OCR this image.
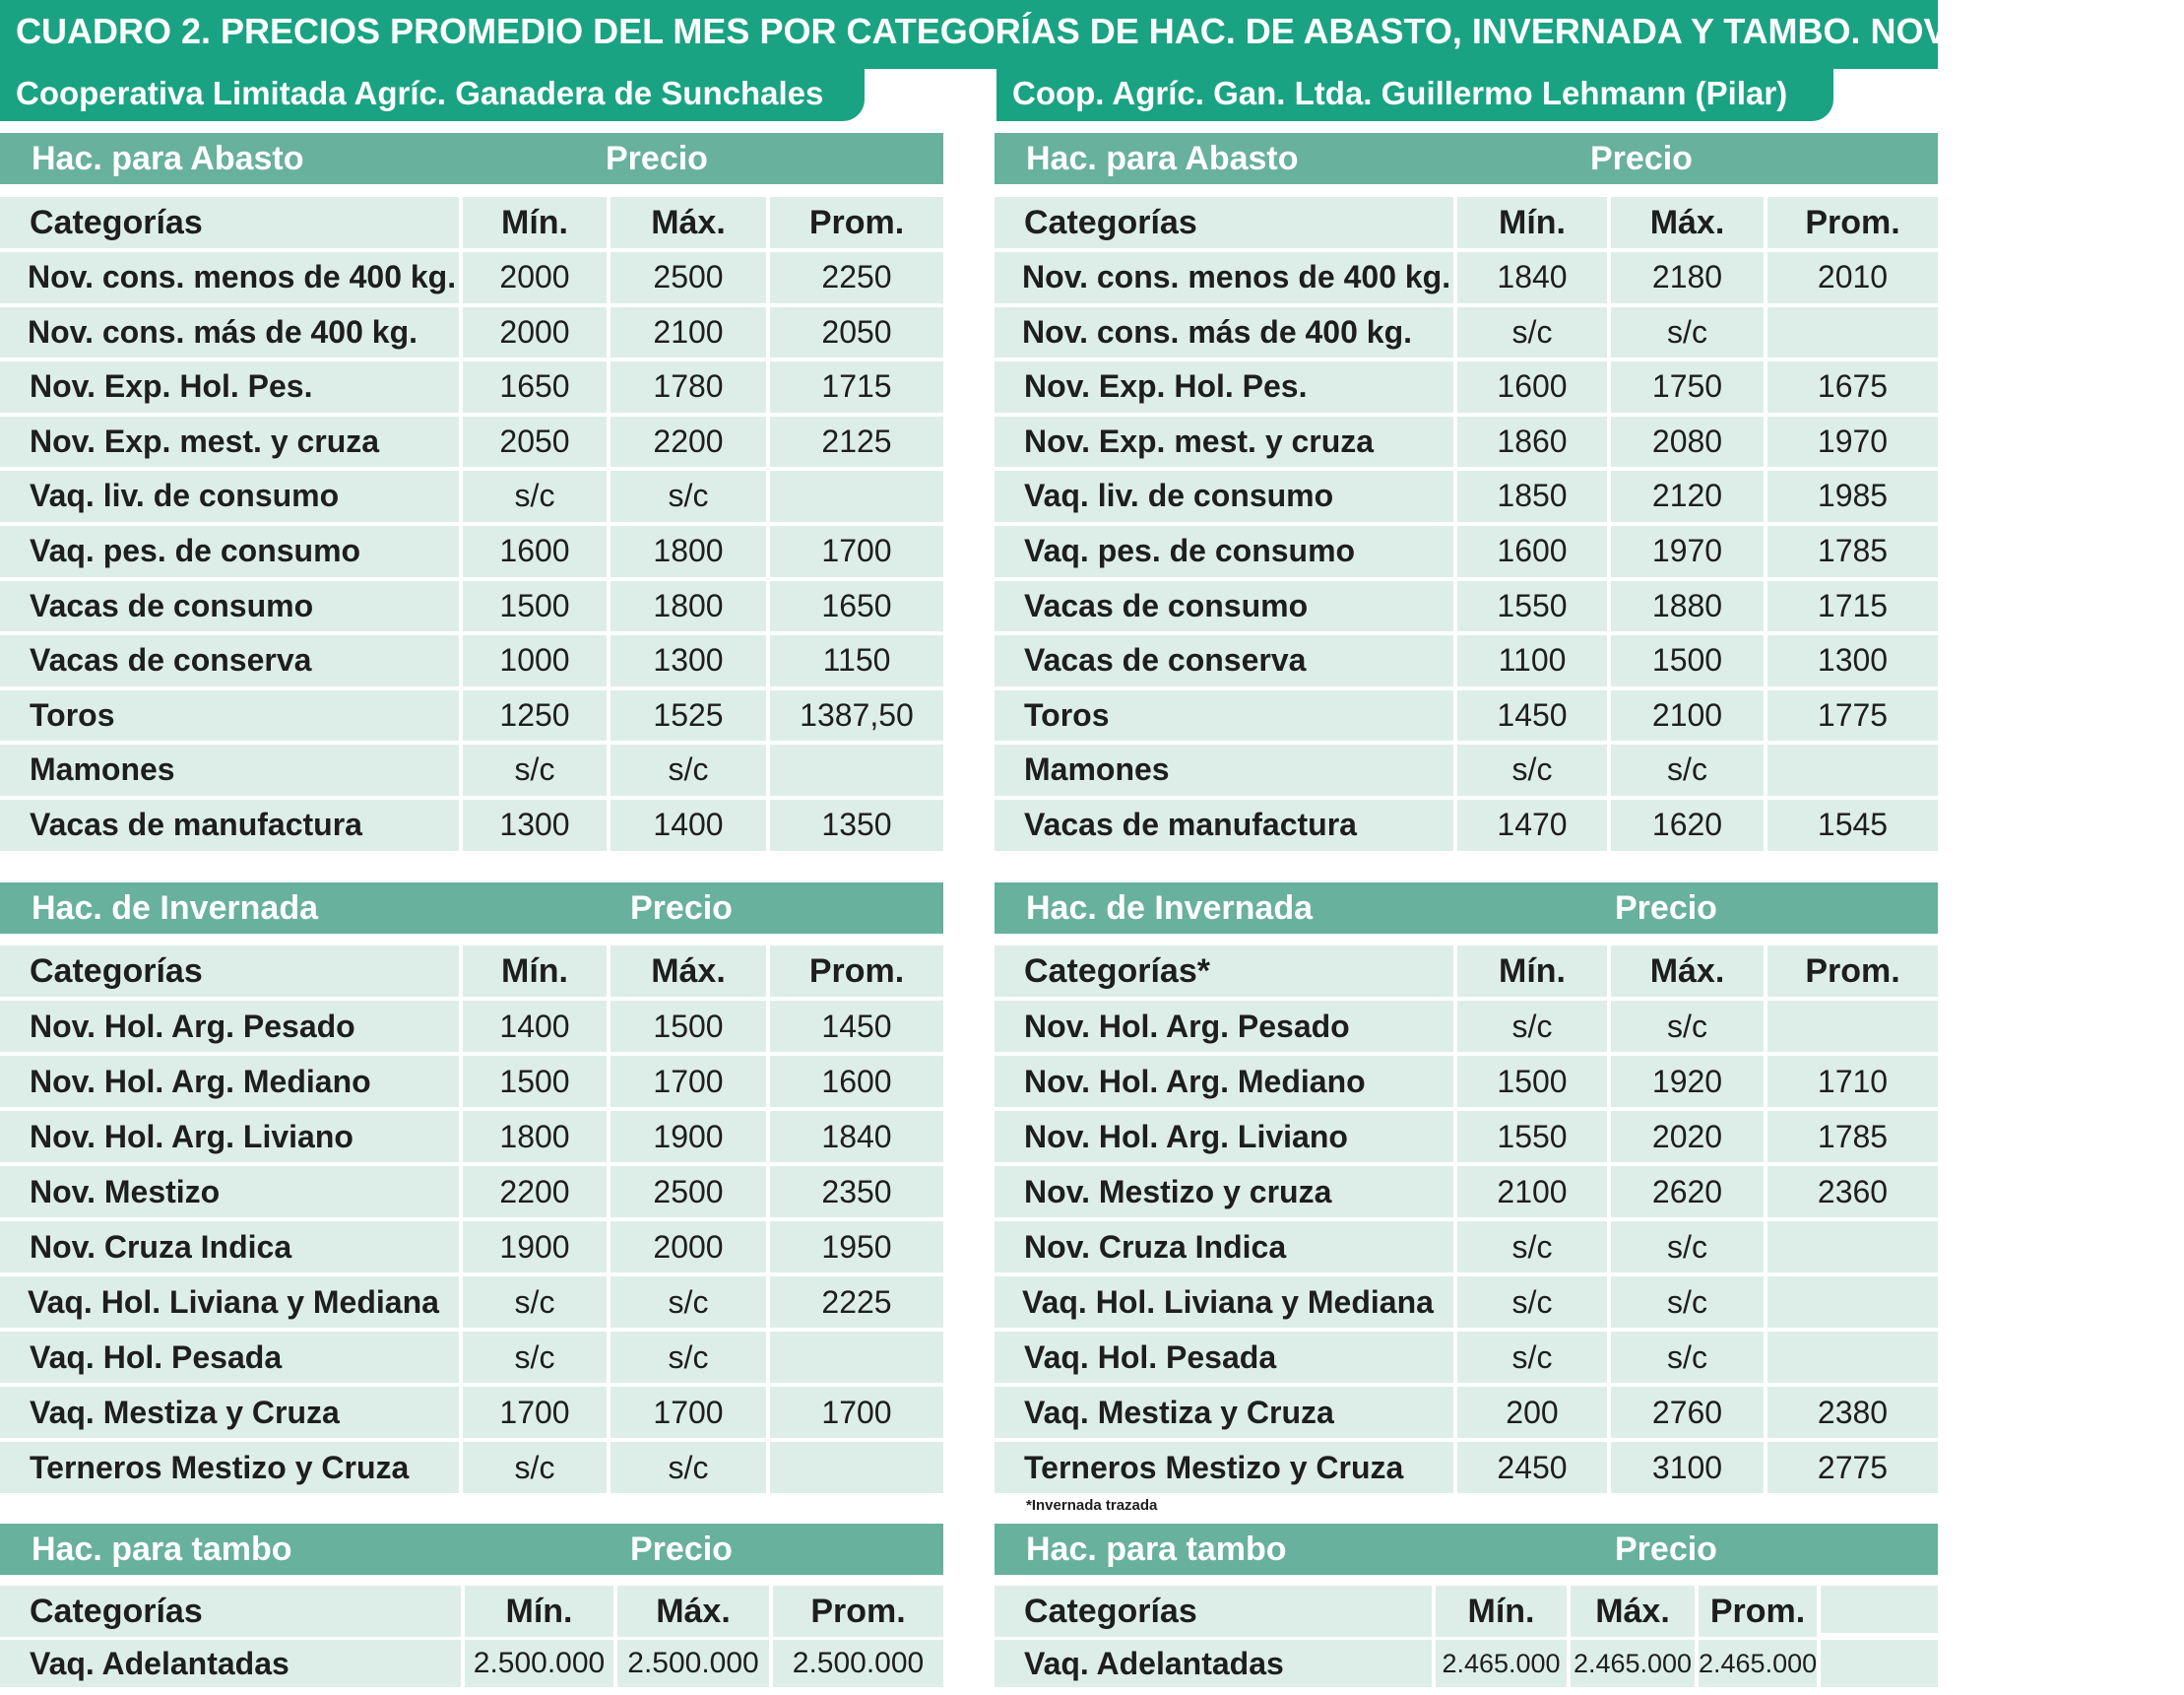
CUADRO 2. PRECIOS PROMEDIO DEL MES POR CATEGORÍAS DE HAC. DE ABASTO, INVERNADA Y TAMBO. NOVIEMBRE 2024.
Cooperativa Limitada Agríc. Ganadera de Sunchales	Coop. Agríc. Gan. Ltda. Guillermo Lehmann (Pilar)
Hac. para Abasto	Precio
Categorías	Mín.	Máx.	Prom.
Nov. cons. menos de 400 kg.	2000	2500	2250
Nov. cons. más de 400 kg.	2000	2100	2050
Nov. Exp. Hol. Pes.	1650	1780	1715
Nov. Exp. mest. y cruza	2050	2200	2125
Vaq. liv. de consumo	s/c	s/c
Vaq. pes. de consumo	1600	1800	1700
Vacas de consumo	1500	1800	1650
Vacas de conserva	1000	1300	1150
Toros	1250	1525	1387,50
Mamones	s/c	s/c
Vacas de manufactura	1300	1400	1350
Hac. de Invernada	Precio
Categorías	Mín.	Máx.	Prom.
Nov. Hol. Arg. Pesado	1400	1500	1450
Nov. Hol. Arg. Mediano	1500	1700	1600
Nov. Hol. Arg. Liviano	1800	1900	1840
Nov. Mestizo	2200	2500	2350
Nov. Cruza Indica	1900	2000	1950
Vaq. Hol. Liviana y Mediana	s/c	s/c	2225
Vaq. Hol. Pesada	s/c	s/c
Vaq. Mestiza y Cruza	1700	1700	1700
Terneros Mestizo y Cruza	s/c	s/c
Hac. para tambo	Precio
Categorías	Mín.	Máx.	Prom.
Vaq. Adelantadas	2.500.000 2.500.000	2.500.000
Hac. para Abasto	Precio
Categorías	Mín.	Máx.	Prom.
Nov. cons. menos de 400 kg.	1840	2180	2010
Nov. cons. más de 400 kg.	s/c	s/c
Nov. Exp. Hol. Pes.	1600	1750	1675
Nov. Exp. mest. y cruza	1860	2080	1970
Vaq. liv. de consumo	1850	2120	1985
Vaq. pes. de consumo	1600	1970	1785
Vacas de consumo	1550	1880	1715
Vacas de conserva	1100	1500	1300
Toros	1450	2100	1775
Mamones	s/c	s/c
Vacas de manufactura	1470	1620	1545
Hac. de Invernada	Precio
Categorías*	Mín.	Máx.	Prom.
Nov. Hol. Arg. Pesado	s/c	s/c
Nov. Hol. Arg. Mediano	1500	1920	1710
Nov. Hol. Arg. Liviano	1550	2020	1785
Nov. Mestizo y cruza	2100	2620	2360
Nov. Cruza Indica	s/c	s/c
Vaq. Hol. Liviana y Mediana	s/c	s/c
Vaq. Hol. Pesada	s/c	s/c
Vaq. Mestiza y Cruza	200	2760	2380
Terneros Mestizo y Cruza	2450	3100	2775
Hac. para tambo	Precio
Categorías	Mín.	Máx.	Prom.
Vaq. Adelantadas	2.465.000 2.465.000 2.465.000
*Invernada trazada
